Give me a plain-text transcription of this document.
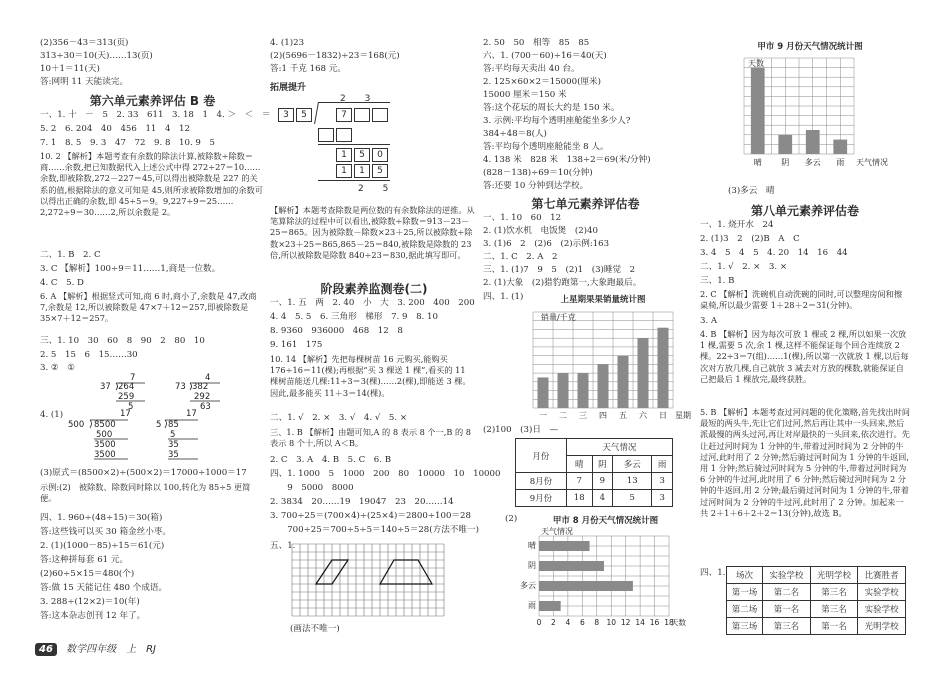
(2)356－43＝313(页)
313÷30＝10(天)……13(页)
10＋1＝11(天)
答:网明 11 天能读完。
第六单元素养评估 B 卷
一、1. 十　－　5　2. 33　611　3. 18　1　4. ＞　＜　＝
5. 2　6. 204　40　456　11　4　12
7. 1　8. 5　9. 3　47　72　9. 8　10. 9　5
10. 2 【解析】本题考查有余数的除法计算,被除数÷除数＝商……余数,把已知数据代入上述公式中得 272÷27＝10……余数,即被除数,272－227＝45,可以得出被除数是 227 的关系的值,根据除法的意义可知是 45,则所求被除数增加的余数可以得出正确的余数,即 45÷5＝9。9,227÷9＝25……2,272÷9＝30……2,所以余数是 2。
二、1. B　2. C
3. C 【解析】100÷9＝11……1,商是一位数。
4. C　5. D
6. A 【解析】根据竖式可知,商 6 时,商小了,余数是 47,改商 7,余数是 12,所以被除数是 47×7＋12＝257,即被除数是 35×7＋12＝257。
三、1. 10　30　60　8　90　2　80　10
2. 5　15　6　15……30
3. ②　①
7
37 264
259
5
4
73 382
292
63
4. (1)	17
500 8500
500
3500
3500
17
5 85
5
35
35
(3)原式＝(8500×2)÷(500×2)＝17000÷1000＝17
示例:(2)　被除数、除数同时除以 100,转化为 85÷5 更简便。
四、1. 960÷(48÷15)＝30(箱)
答:这些钱可以买 30 箱金丝小枣。
2. (1)(1000－85)÷15＝61(元)
答:这种拼每套 61 元。
(2)60÷5×15＝480(个)
答:做 15 天能记住 480 个成语。
3. 288÷(12×2)＝10(年)
答:这本杂志创刊 12 年了。
4. (1)23
(2)(5696－1832)÷23＝168(元)
答:1 千克 168 元。
拓展提升
2 3
3	5	7
1	5	0
1	1	5
2 5
【解析】本题考查除数是两位数的有余数除法的逆推。从笔算除法的过程中可以看出,被除数÷除数＝913－23－25＝865。因为被除数－除数×23＋25,所以被除数÷除数×23＋25＝865,865－25＝840,被除数是除数的 23 倍,所以被除数是除数 840÷23＝830,据此填写即可。
阶段素养监测卷(二)
一、1. 五　两　2. 40　小　大　3. 200　400　200
4. 4　5. 5　6. 三角形　梯形　7. 9　8. 10
8. 9360　936000　468　12　8
9. 161　175
10. 14 【解析】先把每棵树苗 16 元购买,能购买 176÷16＝11(棵);再根据“买 3 棵送 1 棵”,看买的 11 棵树苗能送几棵:11÷3＝3(棵)……2(棵),即能送 3 棵。因此,最多能买 11＋3＝14(棵)。
二、1. √　2. ×　3. √　4. √　5. ×
三、1. B 【解析】由题可知,A 的 8 表示 8 个一,B 的 8 表示 8 个十,所以 A＜B。
2. C　3. A　4. B　5. C　6. B
四、1. 1000　5　1000　200　80　10000　10　10000
　　9　5000　8000
2. 3834　20……19　19047　23　20……14
3. 700÷25＝(700×4)÷(25×4)＝2800÷100＝28
　　700÷25＝700÷5÷5＝140÷5＝28(方法不唯一)
五、1.
(画法不唯一)
2. 50　50　相等　85　85
六、1. (700－60)÷16＝40(天)
答:平均每天卖出 40 台。
2. 125×60×2＝15000(厘米)
15000 厘米＝150 米
答:这个花坛的周长大约是 150 米。
3. 示例:平均每个透明座舱能坐多少人?
384÷48＝8(人)
答:平均每个透明座舱能坐 8 人。
4. 138 米　828 米　138÷2＝69(米/分钟)
(828－138)÷69＝10(分钟)
答:还要 10 分钟到达学校。
第七单元素养评估卷
一、1. 10　60　12
2. (1)饮水机　电饭煲　(2)40
3. (1)6　2　(2)6　(2)示例:163
二、1. C　2. A　2
三、1. (1)7　9　5　(2)1　(3)睡觉　2
2. (1)大象　(2)猎豹跑第一,大象跑最后。
四、1. (1)	上星期果果销量统计图
销量/千克
一 二 三 四 五 六 日 星期
(2)100　(3)日　—
月份	天气情况			
	晴	阴	多云	雨
8月份	7	9	13	3
9月份	18	4	5	3
(2)	甲市 8 月份天气情况统计图
天气情况
晴
阴
多云
雨
0 2 4 6 8 10 12 14 16 18
天数
甲市 9 月份天气情况统计图
天数
晴 阴 多云 雨 天气情况
(3)多云　晴
第八单元素养评估卷
一、1. 烧开水　24
2. (1)3　2　(2)B　A　C
3. 4　5　4　5　4. 20　14　16　44
二、1. √　2. ×　3. ×
三、1. B
2. C 【解析】洗碗机自动洗碗的同时,可以整理房间和擦桌椅,所以最少需要 1＋28＋2＝31(分钟)。
3. A
4. B 【解析】因为每次可放 1 棵或 2 棵,所以如果一次放 1 棵,需要 5 次,余 1 棵,这样不能保证每个回合连续放 2 棵。22÷3＝7(组)……1(棵),所以第一次就放 1 棵,以后每次对方放几棵,自己就放 3 减去对方放的棵数,就能保证自己把最后 1 棵放完,最终获胜。
5. B 【解析】本题考查过河问题的优化策略,首先找出时间最短的两头牛,先让它们过河,然后再让其中一头回来,然后派最慢的两头过河,再让对岸最快的一头回来,依次进行。先让赶过河时间为 1 分钟的牛,带着过河时间为 2 分钟的牛过河,此时用了 2 分钟;然后骑过河时间为 1 分钟的牛返回,用 1 分钟;然后骑过河时间为 5 分钟的牛,带着过河时间为 6 分钟的牛过河,此时用了 6 分钟;然后骑过河时间为 2 分钟的牛返回,用 2 分钟;最后骑过河时间为 1 分钟的牛,带着过河时间为 2 分钟的牛过河,此时用了 2 分钟。加起来一共 2＋1＋6＋2＋2＝13(分钟),故选 B。
四、1. 场次	实验学校	光明学校	比赛胜者
第一场	第二名	第三名	实验学校
第二场	第一名	第三名	实验学校
第三场	第三名	第一名	光明学校
46 数学四年级　上　RJ
